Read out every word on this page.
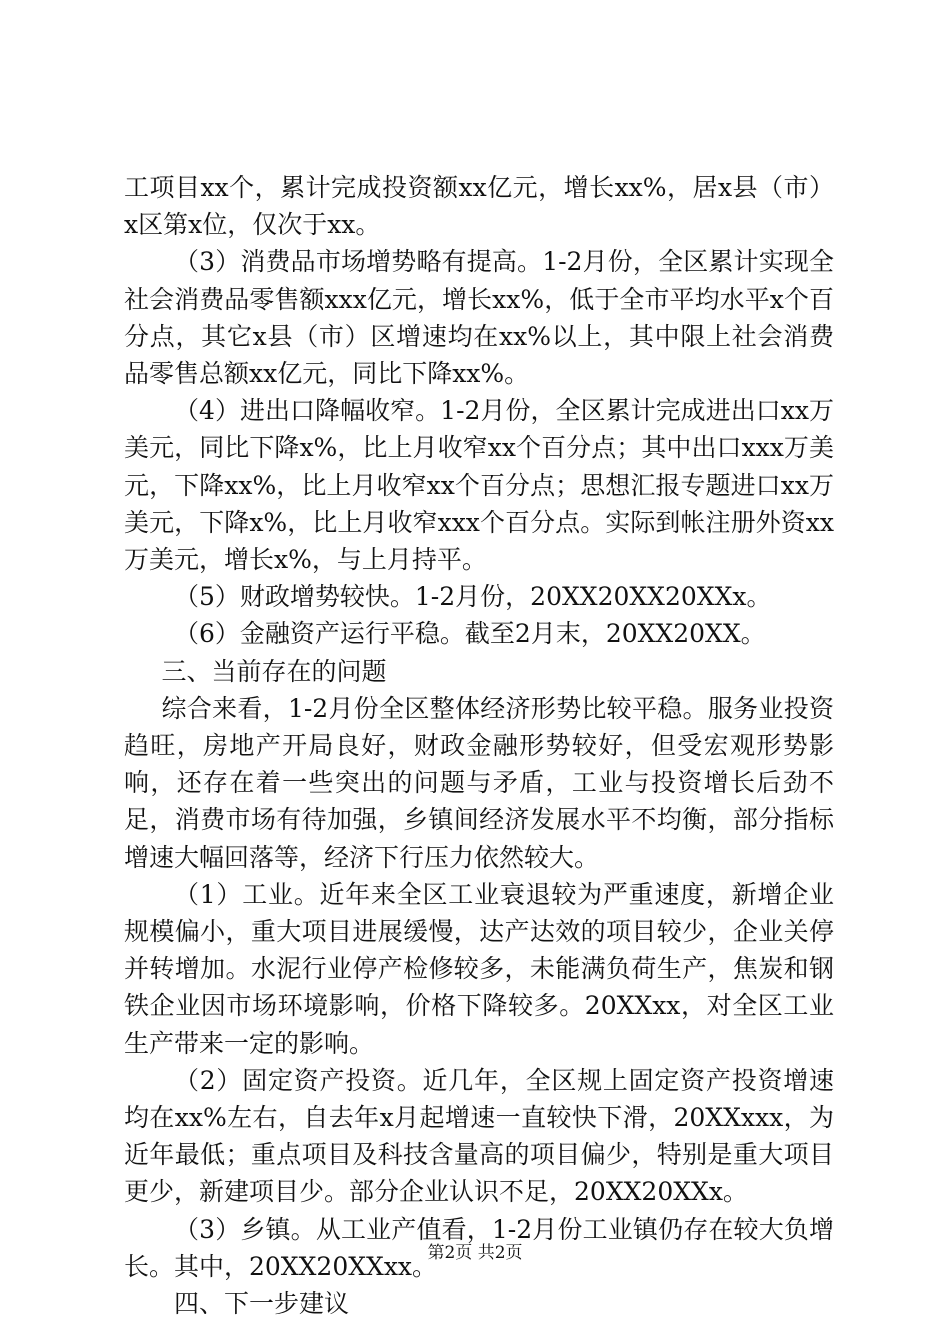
工项目xx个，累计完成投资额xx亿元，增长xx%，居x县（市）x区第x位，仅次于xx。

（3）消费品市场增势略有提高。1-2月份，全区累计实现全社会消费品零售额xxx亿元，增长xx%，低于全市平均水平x个百分点，其它x县（市）区增速均在xx%以上，其中限上社会消费品零售总额xx亿元，同比下降xx%。

（4）进出口降幅收窄。1-2月份，全区累计完成进出口xx万美元，同比下降x%，比上月收窄xx个百分点；其中出口xxx万美元，下降xx%，比上月收窄xx个百分点；思想汇报专题进口xx万美元，下降x%，比上月收窄xxx个百分点。实际到帐注册外资xx万美元，增长x%，与上月持平。

（5）财政增势较快。1-2月份，20XX20XX20XXx。

（6）金融资产运行平稳。截至2月末，20XX20XX。

三、当前存在的问题

综合来看，1-2月份全区整体经济形势比较平稳。服务业投资趋旺，房地产开局良好，财政金融形势较好，但受宏观形势影响，还存在着一些突出的问题与矛盾，工业与投资增长后劲不足，消费市场有待加强，乡镇间经济发展水平不均衡，部分指标增速大幅回落等，经济下行压力依然较大。

（1）工业。近年来全区工业衰退较为严重速度，新增企业规模偏小，重大项目进展缓慢，达产达效的项目较少，企业关停并转增加。水泥行业停产检修较多，未能满负荷生产，焦炭和钢铁企业因市场环境影响，价格下降较多。20XXxx，对全区工业生产带来一定的影响。

（2）固定资产投资。近几年，全区规上固定资产投资增速均在xx%左右，自去年x月起增速一直较快下滑，20XXxxx，为近年最低；重点项目及科技含量高的项目偏少，特别是重大项目更少，新建项目少。部分企业认识不足，20XX20XXx。

（3）乡镇。从工业产值看，1-2月份工业镇仍存在较大负增长。其中，20XX20XXxx。

四、下一步建议

第2页 共2页
